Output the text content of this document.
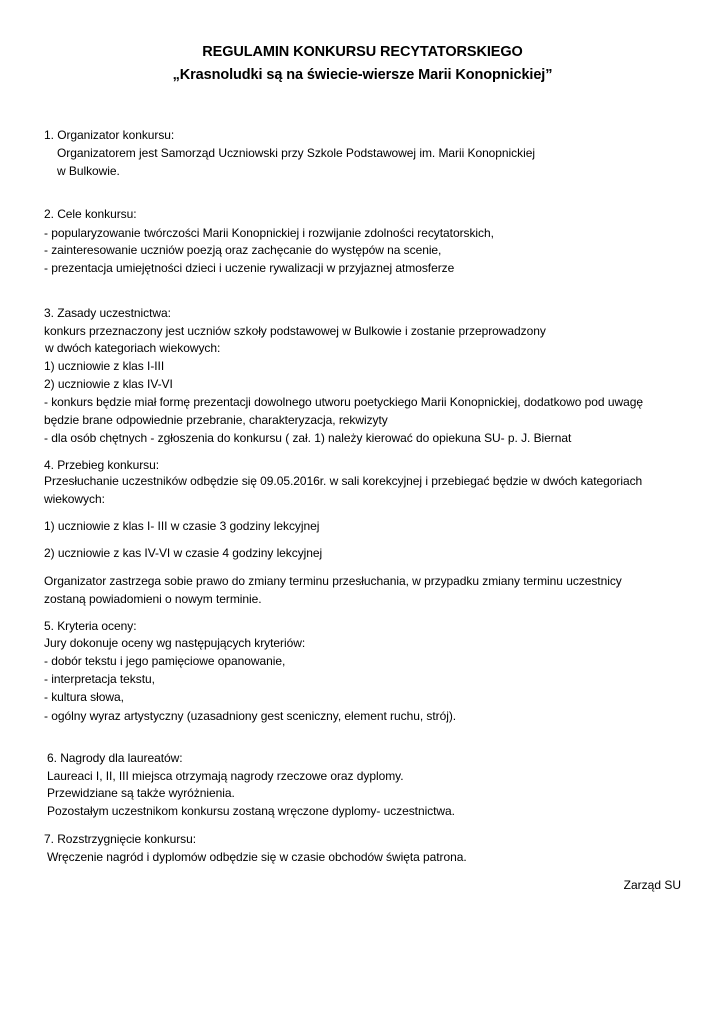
REGULAMIN KONKURSU RECYTATORSKIEGO
„Krasnoludki są na świecie-wiersze Marii Konopnickiej”
1. Organizator konkursu:
Organizatorem jest Samorząd Uczniowski przy Szkole Podstawowej im. Marii Konopnickiej
w Bulkowie.
2. Cele konkursu:
- popularyzowanie twórczości Marii Konopnickiej i rozwijanie zdolności recytatorskich,
- zainteresowanie uczniów poezją oraz zachęcanie do występów na scenie,
- prezentacja umiejętności dzieci i uczenie rywalizacji w przyjaznej atmosferze
3. Zasady uczestnictwa:
konkurs przeznaczony jest uczniów szkoły podstawowej w Bulkowie i zostanie przeprowadzony
w dwóch kategoriach wiekowych:
1) uczniowie z klas I-III
2) uczniowie z klas IV-VI
- konkurs będzie miał formę prezentacji dowolnego utworu poetyckiego Marii Konopnickiej, dodatkowo pod uwagę
będzie brane odpowiednie przebranie, charakteryzacja, rekwizyty
- dla osób chętnych - zgłoszenia do konkursu ( zał. 1) należy kierować do opiekuna SU- p. J. Biernat
4. Przebieg konkursu:
Przesłuchanie uczestników odbędzie się 09.05.2016r. w sali korekcyjnej i przebiegać będzie w dwóch kategoriach
wiekowych:
1) uczniowie z klas I- III w czasie 3 godziny lekcyjnej
2) uczniowie z kas IV-VI w czasie 4 godziny lekcyjnej
Organizator zastrzega sobie prawo do zmiany terminu przesłuchania, w przypadku zmiany terminu uczestnicy
zostaną powiadomieni o nowym terminie.
5. Kryteria oceny:
Jury dokonuje oceny wg następujących kryteriów:
- dobór tekstu i jego pamięciowe opanowanie,
- interpretacja tekstu,
- kultura słowa,
- ogólny wyraz artystyczny (uzasadniony gest sceniczny, element ruchu, strój).
6. Nagrody dla laureatów:
Laureaci I, II, III miejsca otrzymają nagrody rzeczowe oraz dyplomy.
Przewidziane są także wyróżnienia.
Pozostałym uczestnikom konkursu zostaną wręczone dyplomy- uczestnictwa.
7. Rozstrzygnięcie konkursu:
Wręczenie nagród i dyplomów odbędzie się w czasie obchodów święta patrona.
Zarząd SU
